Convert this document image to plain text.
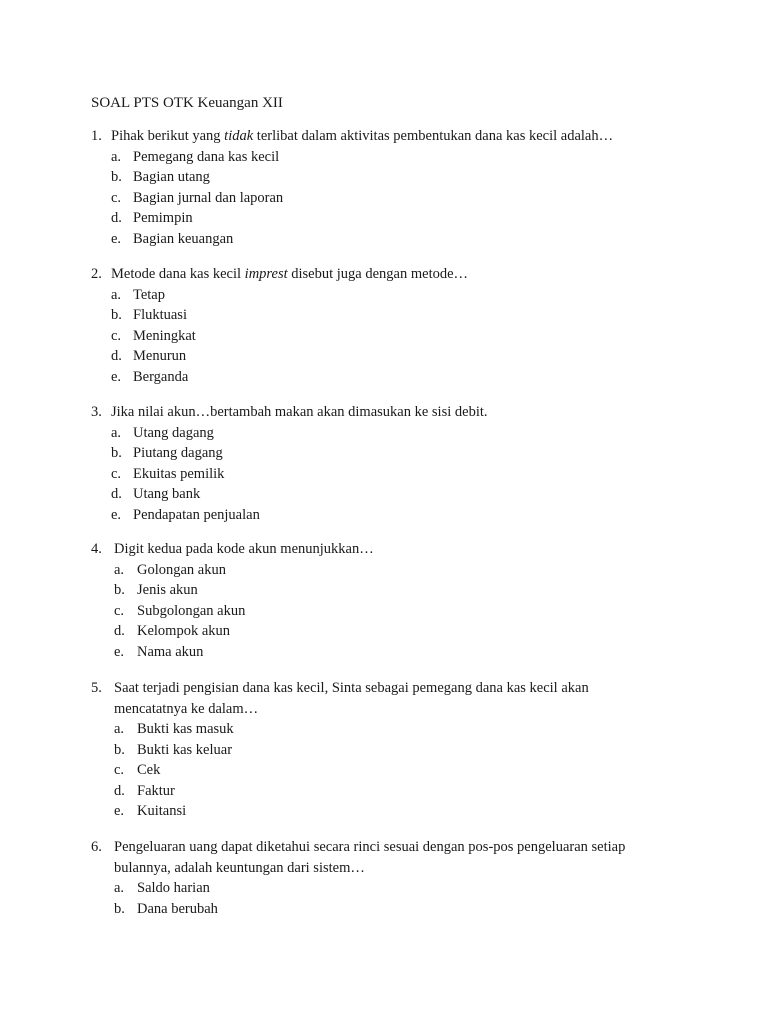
SOAL PTS OTK Keuangan XII
1. Pihak berikut yang tidak terlibat dalam aktivitas pembentukan dana kas kecil adalah…
a. Pemegang dana kas kecil
b. Bagian utang
c. Bagian jurnal dan laporan
d. Pemimpin
e. Bagian keuangan
2. Metode dana kas kecil imprest disebut juga dengan metode…
a. Tetap
b. Fluktuasi
c. Meningkat
d. Menurun
e. Berganda
3. Jika nilai akun…bertambah makan akan dimasukan ke sisi debit.
a. Utang dagang
b. Piutang dagang
c. Ekuitas pemilik
d. Utang bank
e. Pendapatan penjualan
4. Digit kedua pada kode akun menunjukkan…
a. Golongan akun
b. Jenis akun
c. Subgolongan akun
d. Kelompok akun
e. Nama akun
5. Saat terjadi pengisian dana kas kecil, Sinta sebagai pemegang dana kas kecil akan
mencatatnya ke dalam…
a. Bukti kas masuk
b. Bukti kas keluar
c. Cek
d. Faktur
e. Kuitansi
6. Pengeluaran uang dapat diketahui secara rinci sesuai dengan pos-pos pengeluaran setiap
bulannya, adalah keuntungan dari sistem…
a. Saldo harian
b. Dana berubah
